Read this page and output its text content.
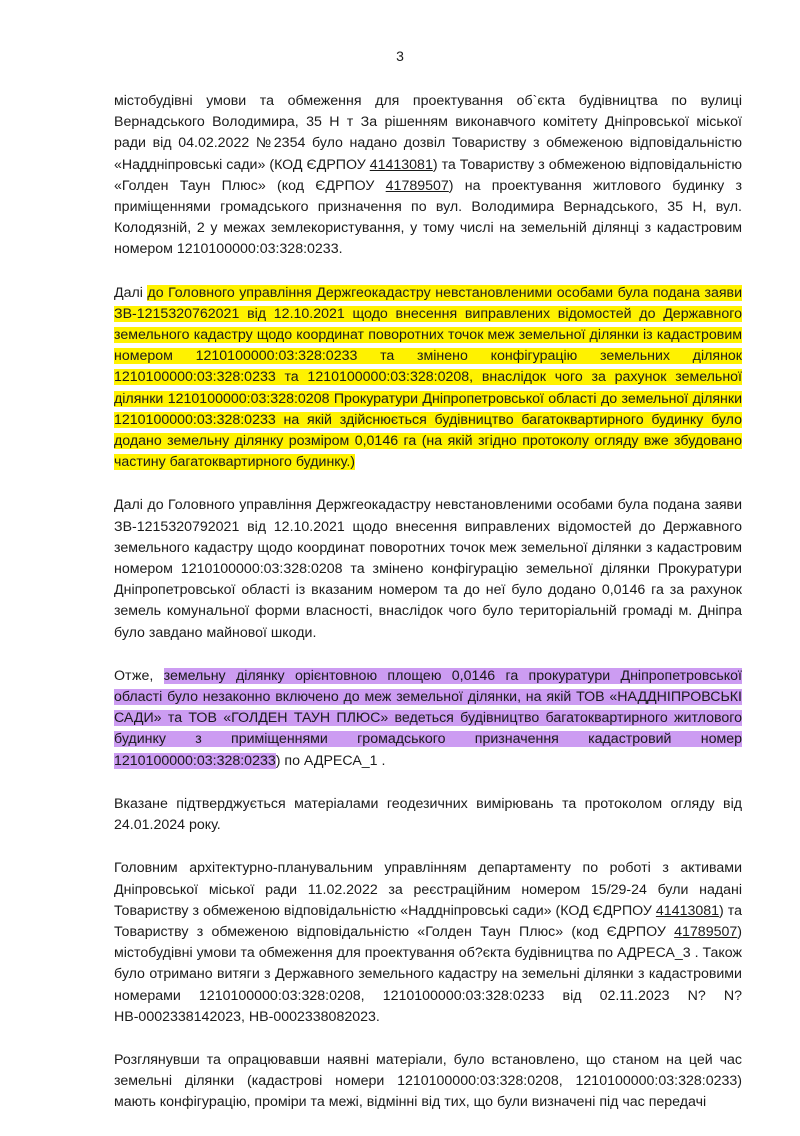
3

містобудівні умови та обмеження для проектування об`єкта будівництва по вулиці Вернадського Володимира, 35 Н т За рішенням виконавчого комітету Дніпровської міської ради від 04.02.2022 №2354 було надано дозвіл Товариству з обмеженою відповідальністю «Наддніпровські сади» (КОД ЄДРПОУ 41413081) та Товариству з обмеженою відповідальністю «Голден Таун Плюс» (код ЄДРПОУ 41789507) на проектування житлового будинку з приміщеннями громадського призначення по вул. Володимира Вернадського, 35 Н, вул. Колодязній, 2 у межах землекористування, у тому числі на земельній ділянці з кадастровим номером 1210100000:03:328:0233.

Далі до Головного управління Держгеокадастру невстановленими особами була подана заяви ЗВ-1215320762021 від 12.10.2021 щодо внесення виправлених відомостей до Державного земельного кадастру щодо координат поворотних точок меж земельної ділянки із кадастровим номером 1210100000:03:328:0233 та змінено конфігурацію земельних ділянок 1210100000:03:328:0233 та 1210100000:03:328:0208, внаслідок чого за рахунок земельної ділянки 1210100000:03:328:0208 Прокуратури Дніпропетровської області до земельної ділянки 1210100000:03:328:0233 на якій здійснюється будівництво багатоквартирного будинку було додано земельну ділянку розміром 0,0146 га (на якій згідно протоколу огляду вже збудовано частину багатоквартирного будинку.)

Далі до Головного управління Держгеокадастру невстановленими особами була подана заяви ЗВ-1215320792021 від 12.10.2021 щодо внесення виправлених відомостей до Державного земельного кадастру щодо координат поворотних точок меж земельної ділянки з кадастровим номером 1210100000:03:328:0208 та змінено конфігурацію земельної ділянки Прокуратури Дніпропетровської області із вказаним номером та до неї було додано 0,0146 га за рахунок земель комунальної форми власності, внаслідок чого було територіальній громаді м. Дніпра було завдано майнової шкоди.

Отже, земельну ділянку орієнтовною площею 0,0146 га прокуратури Дніпропетровської області було незаконно включено до меж земельної ділянки, на якій ТОВ «НАДДНІПРОВСЬКІ САДИ» та ТОВ «ГОЛДЕН ТАУН ПЛЮС» ведеться будівництво багатоквартирного житлового будинку з приміщеннями громадського призначення кадастровий номер 1210100000:03:328:0233) по АДРЕСА_1 .

Вказане підтверджується матеріалами геодезичних вимірювань та протоколом огляду від 24.01.2024 року.

Головним архітектурно-планувальним управлінням департаменту по роботі з активами Дніпровської міської ради 11.02.2022 за реєстраційним номером 15/29-24 були надані Товариству з обмеженою відповідальністю «Наддніпровські сади» (КОД ЄДРПОУ 41413081) та Товариству з обмеженою відповідальністю «Голден Таун Плюс» (код ЄДРПОУ 41789507) містобудівні умови та обмеження для проектування об?єкта будівництва по АДРЕСА_3 . Також було отримано витяги з Державного земельного кадастру на земельні ділянки з кадастровими номерами 1210100000:03:328:0208, 1210100000:03:328:0233 від 02.11.2023 N? N? НВ-0002338142023, НВ-0002338082023.

Розглянувши та опрацювавши наявні матеріали, було встановлено, що станом на цей час земельні ділянки (кадастрові номери 1210100000:03:328:0208, 1210100000:03:328:0233) мають конфігурацію, проміри та межі, відмінні від тих, що були визначені під час передачі
